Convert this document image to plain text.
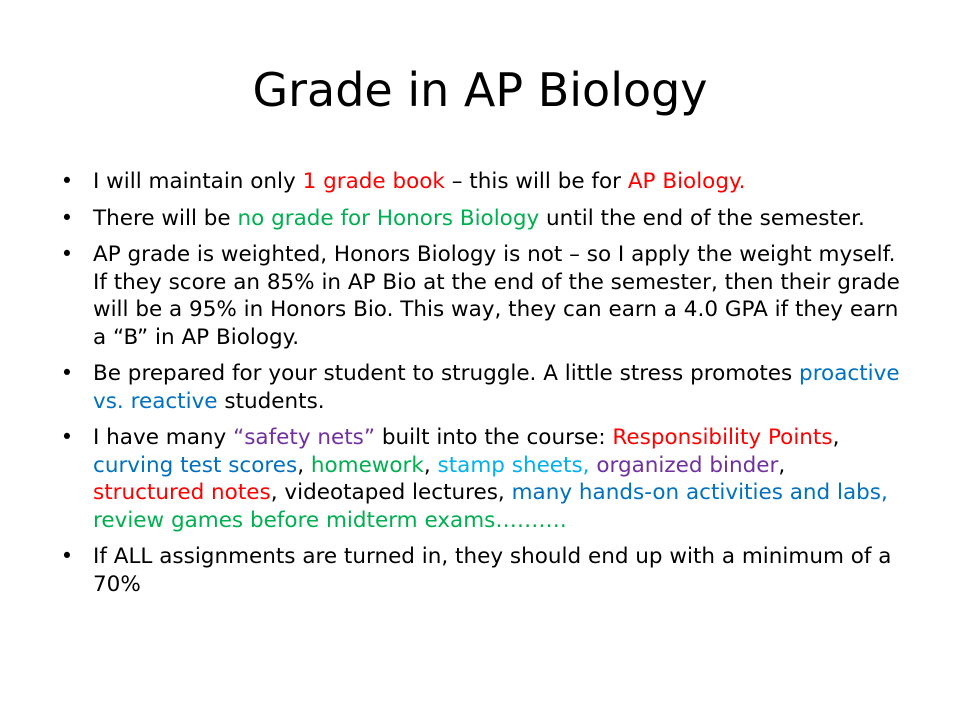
Grade in AP Biology
• I will maintain only 1 grade book – this will be for AP Biology.
• There will be no grade for Honors Biology until the end of the semester.
• AP grade is weighted, Honors Biology is not – so I apply the weight myself. If they score an 85% in AP Bio at the end of the semester, then their grade will be a 95% in Honors Bio. This way, they can earn a 4.0 GPA if they earn a “B” in AP Biology.
• Be prepared for your student to struggle. A little stress promotes proactive vs. reactive students.
• I have many “safety nets” built into the course: Responsibility Points, curving test scores, homework, stamp sheets, organized binder, structured notes, videotaped lectures, many hands-on activities and labs, review games before midterm exams……….
• If ALL assignments are turned in, they should end up with a minimum of a 70%
